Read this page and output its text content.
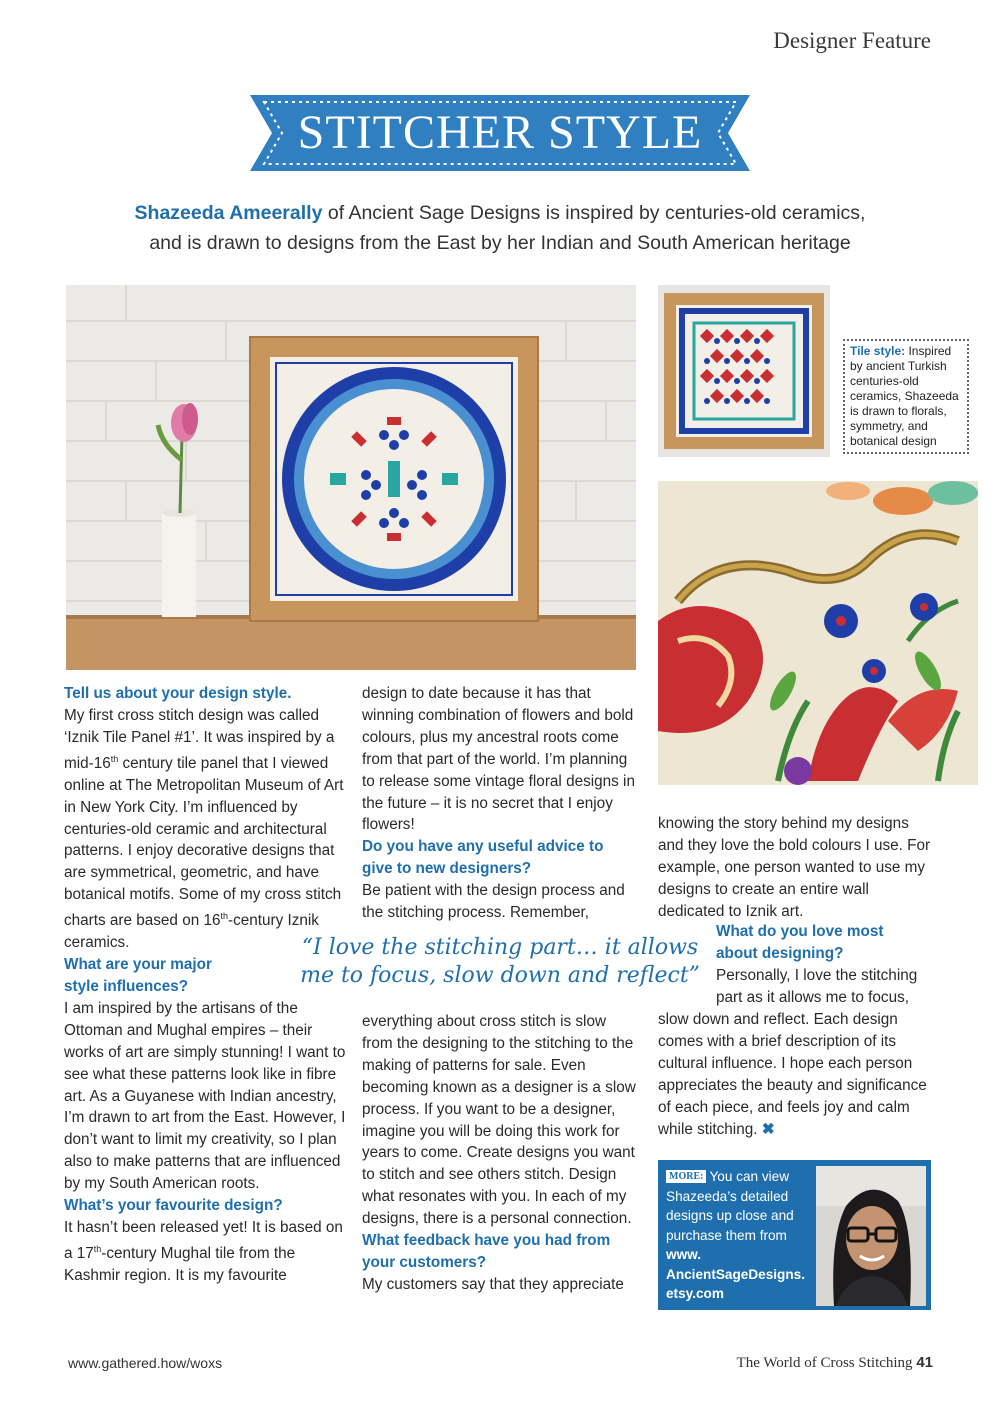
Designer Feature
STITCHER STYLE
Shazeeda Ameerally of Ancient Sage Designs is inspired by centuries-old ceramics,
and is drawn to designs from the East by her Indian and South American heritage
Tile style: Inspired by ancient Turkish centuries-old ceramics, Shazeeda is drawn to florals, symmetry, and botanical design
Tell us about your design style.

My first cross stitch design was called ‘Iznik Tile Panel #1’. It was inspired by a mid-16th century tile panel that I viewed online at The Metropolitan Museum of Art in New York City. I’m influenced by centuries-old ceramic and architectural patterns. I enjoy decorative designs that are symmetrical, geometric, and have botanical motifs. Some of my cross stitch charts are based on 16th-century Iznik ceramics.

What are your major
style influences?

I am inspired by the artisans of the Ottoman and Mughal empires – their works of art are simply stunning! I want to see what these patterns look like in fibre art. As a Guyanese with Indian ancestry, I’m drawn to art from the East. However, I don’t want to limit my creativity, so I plan also to make patterns that are influenced by my South American roots.

What’s your favourite design?

It hasn’t been released yet! It is based on a 17th-century Mughal tile from the Kashmir region. It is my favourite

design to date because it has that winning combination of flowers and bold colours, plus my ancestral roots come from that part of the world. I’m planning to release some vintage floral designs in the future – it is no secret that I enjoy flowers!

Do you have any useful advice to give to new designers?

Be patient with the design process and the stitching process. Remember,

“I love the stitching part… it allows
me to focus, slow down and reflect”

everything about cross stitch is slow from the designing to the stitching to the making of patterns for sale. Even becoming known as a designer is a slow process. If you want to be a designer, imagine you will be doing this work for years to come. Create designs you want to stitch and see others stitch. Design what resonates with you. In each of my designs, there is a personal connection.

What feedback have you had from your customers?

My customers say that they appreciate

knowing the story behind my designs and they love the bold colours I use. For example, one person wanted to use my designs to create an entire wall dedicated to Iznik art.

What do you love most
about designing?

Personally, I love the stitching
part as it allows me to focus,

slow down and reflect. Each design comes with a brief description of its cultural influence. I hope each person appreciates the beauty and significance of each piece, and feels joy and calm while stitching. ✖

MORE: You can view Shazeeda’s detailed designs up close and purchase them from www. AncientSageDesigns. etsy.com
www.gathered.how/woxs	The World of Cross Stitching 41
